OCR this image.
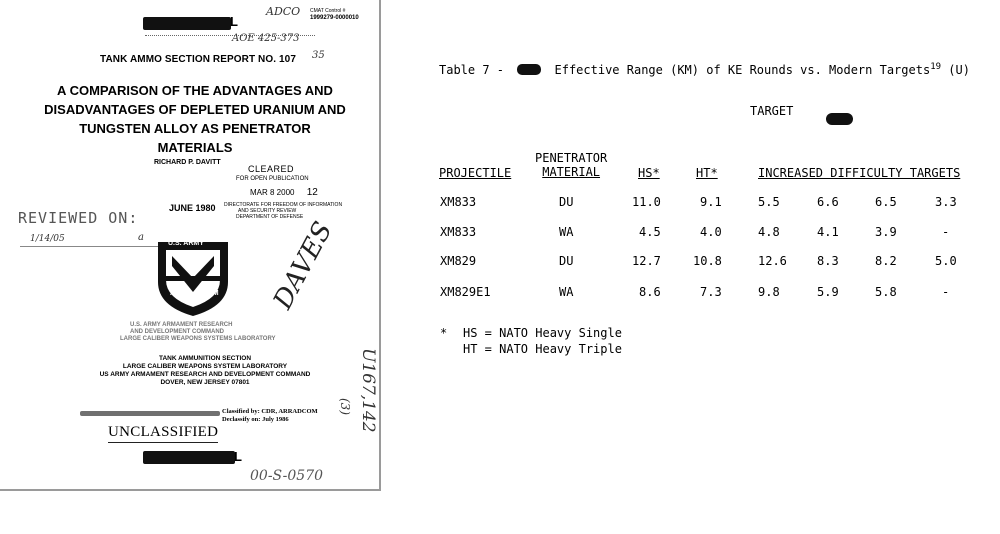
L
ADCO CMAT Control #
1999279-0000010
AOE 425-373
35
TANK AMMO SECTION REPORT NO. 107
A COMPARISON OF THE ADVANTAGES AND
DISADVANTAGES OF DEPLETED URANIUM AND
TUNGSTEN ALLOY AS PENETRATOR MATERIALS
RICHARD P. DAVITT
CLEARED
FOR OPEN PUBLICATION
MAR 8 2000 12
DIRECTORATE FOR FREEDOM OF INFORMATION
AND SECURITY REVIEW
DEPARTMENT OF DEFENSE
JUNE 1980
REVIEWED ON:
1/14/05	a
U.S. ARMY
ARRADCOM DAVES
U.S. ARMY ARMAMENT RESEARCH
AND DEVELOPMENT COMMAND
LARGE CALIBER WEAPONS SYSTEMS LABORATORY
TANK AMMUNITION SECTION
LARGE CALIBER WEAPONS SYSTEM LABORATORY
US ARMY ARMAMENT RESEARCH AND DEVELOPMENT COMMAND
DOVER, NEW JERSEY 07801
Classified by: CDR, ARRADCOM
Declassify on: July 1986
UNCLASSIFIED
L
00-S-0570
U167,142
(3)
Table 7 -	Effective Range (KM) of KE Rounds vs. Modern Targets$^{19}$ (U)
TARGET
PROJECTILE
PENETRATOR
MATERIAL	HS*	HT*	INCREASED DIFFICULTY TARGETS
XM833	DU	11.0	9.1	5.5	6.6	6.5	3.3
XM833	WA	4.5	4.0	4.8	4.1	3.9	-
XM829	DU	12.7	10.8	12.6	8.3	8.2	5.0
XM829E1	WA	8.6	7.3	9.8	5.9	5.8	-
* HS = NATO Heavy Single
HT = NATO Heavy Triple
